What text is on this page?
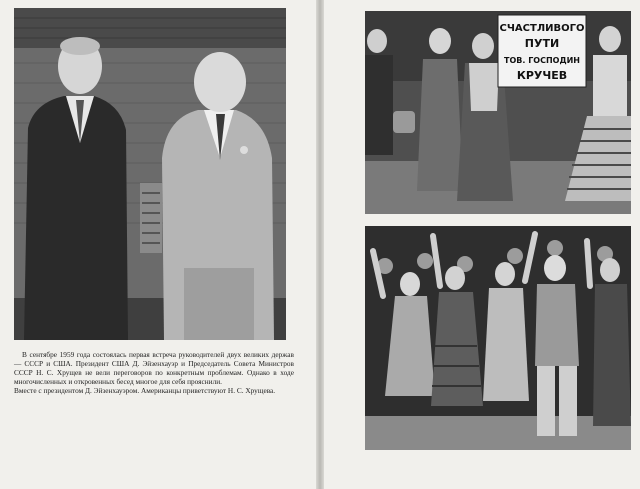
В сентябре 1959 года состоялась первая встреча руководителей двух великих держав — СССР и США. Президент США Д. Эйзенхауэр и Председатель Совета Министров СССР Н. С. Хрущев не вели переговоров по конкретным проблемам. Однако в ходе многочисленных и откровенных бесед многое для себя прояснили.

Вместе с президентом Д. Эйзенхауэром. Американцы приветствуют Н. С. Хрущева.

СЧАСТЛИВОГО
ПУТИ
ТОВ. ГОСПОДИН
КРУЧЕВ
